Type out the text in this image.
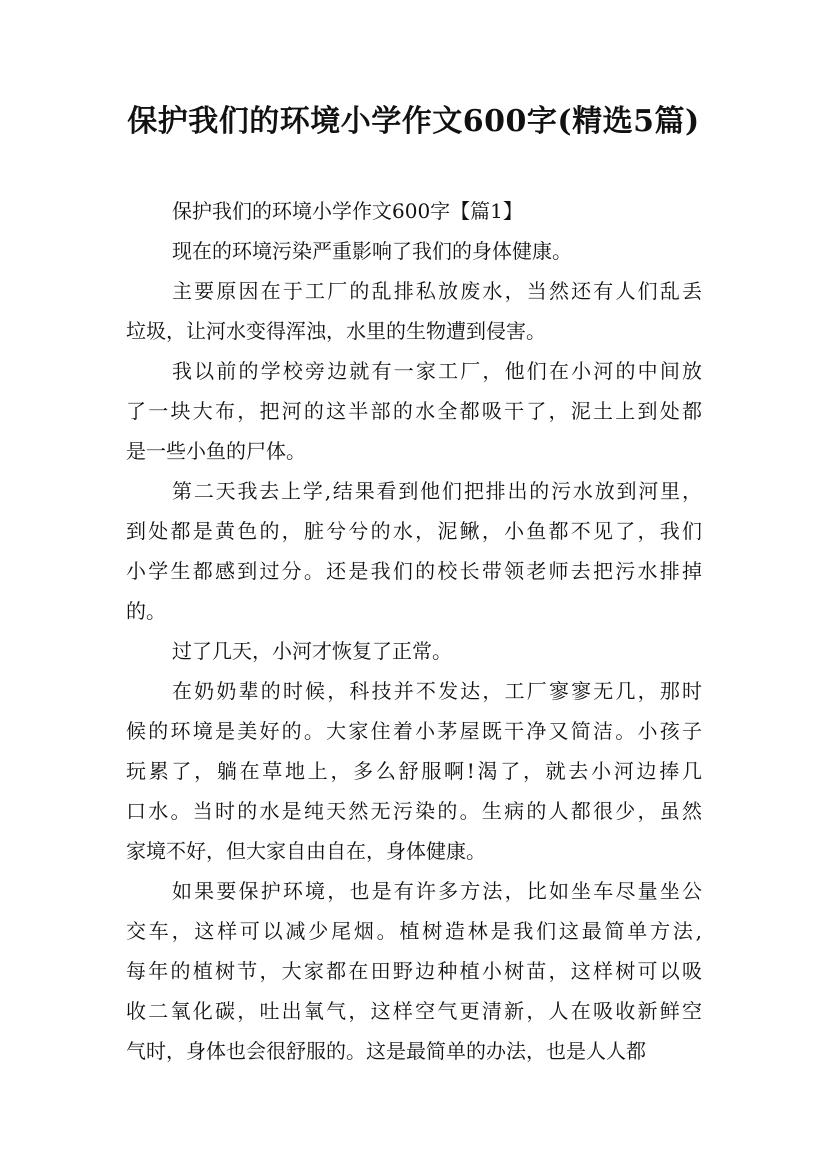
保护我们的环境小学作文600字(精选5篇)

保护我们的环境小学作文600字【篇1】

现在的环境污染严重影响了我们的身体健康。

主要原因在于工厂的乱排私放废水，当然还有人们乱丢
垃圾，让河水变得浑浊，水里的生物遭到侵害。

我以前的学校旁边就有一家工厂，他们在小河的中间放
了一块大布，把河的这半部的水全都吸干了，泥土上到处都
是一些小鱼的尸体。

第二天我去上学,结果看到他们把排出的污水放到河里，
到处都是黄色的，脏兮兮的水，泥鳅，小鱼都不见了，我们
小学生都感到过分。还是我们的校长带领老师去把污水排掉
的。

过了几天，小河才恢复了正常。

在奶奶辈的时候，科技并不发达，工厂寥寥无几，那时
候的环境是美好的。大家住着小茅屋既干净又简洁。小孩子
玩累了，躺在草地上，多么舒服啊!渴了，就去小河边捧几
口水。当时的水是纯天然无污染的。生病的人都很少，虽然
家境不好，但大家自由自在，身体健康。

如果要保护环境，也是有许多方法，比如坐车尽量坐公
交车，这样可以减少尾烟。植树造林是我们这最简单方法,
每年的植树节，大家都在田野边种植小树苗，这样树可以吸
收二氧化碳，吐出氧气，这样空气更清新，人在吸收新鲜空
气时，身体也会很舒服的。这是最简单的办法，也是人人都
